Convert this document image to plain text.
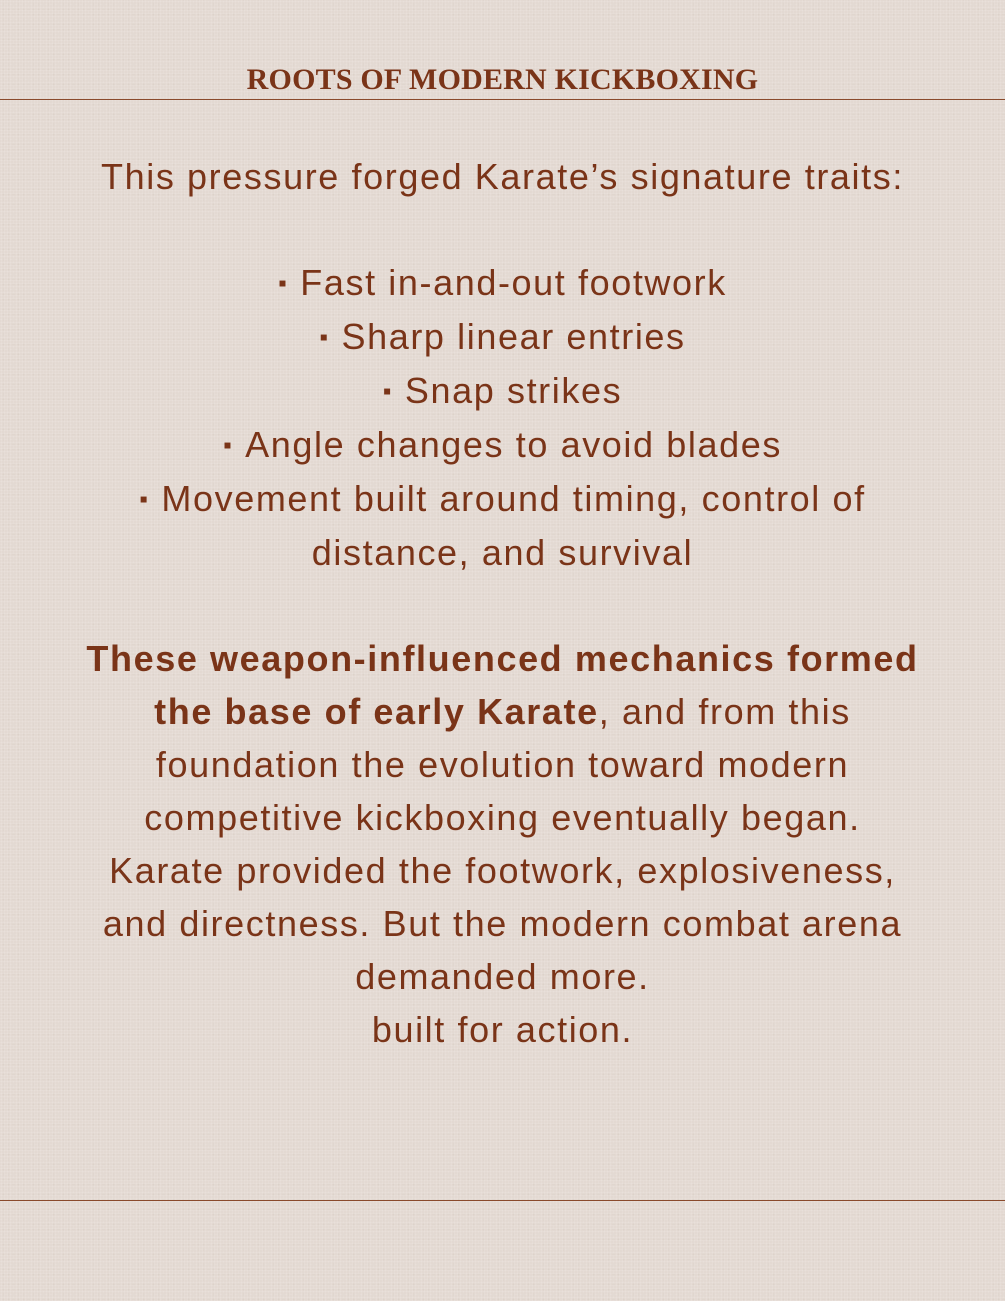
ROOTS OF MODERN KICKBOXING

This pressure forged Karate’s signature traits:

▪ Fast in-and-out footwork
▪ Sharp linear entries
▪ Snap strikes
▪ Angle changes to avoid blades
▪ Movement built around timing, control of distance, and survival

These weapon-influenced mechanics formed the base of early Karate, and from this foundation the evolution toward modern competitive kickboxing eventually began.

Karate provided the footwork, explosiveness, and directness. But the modern combat arena demanded more.

built for action.
